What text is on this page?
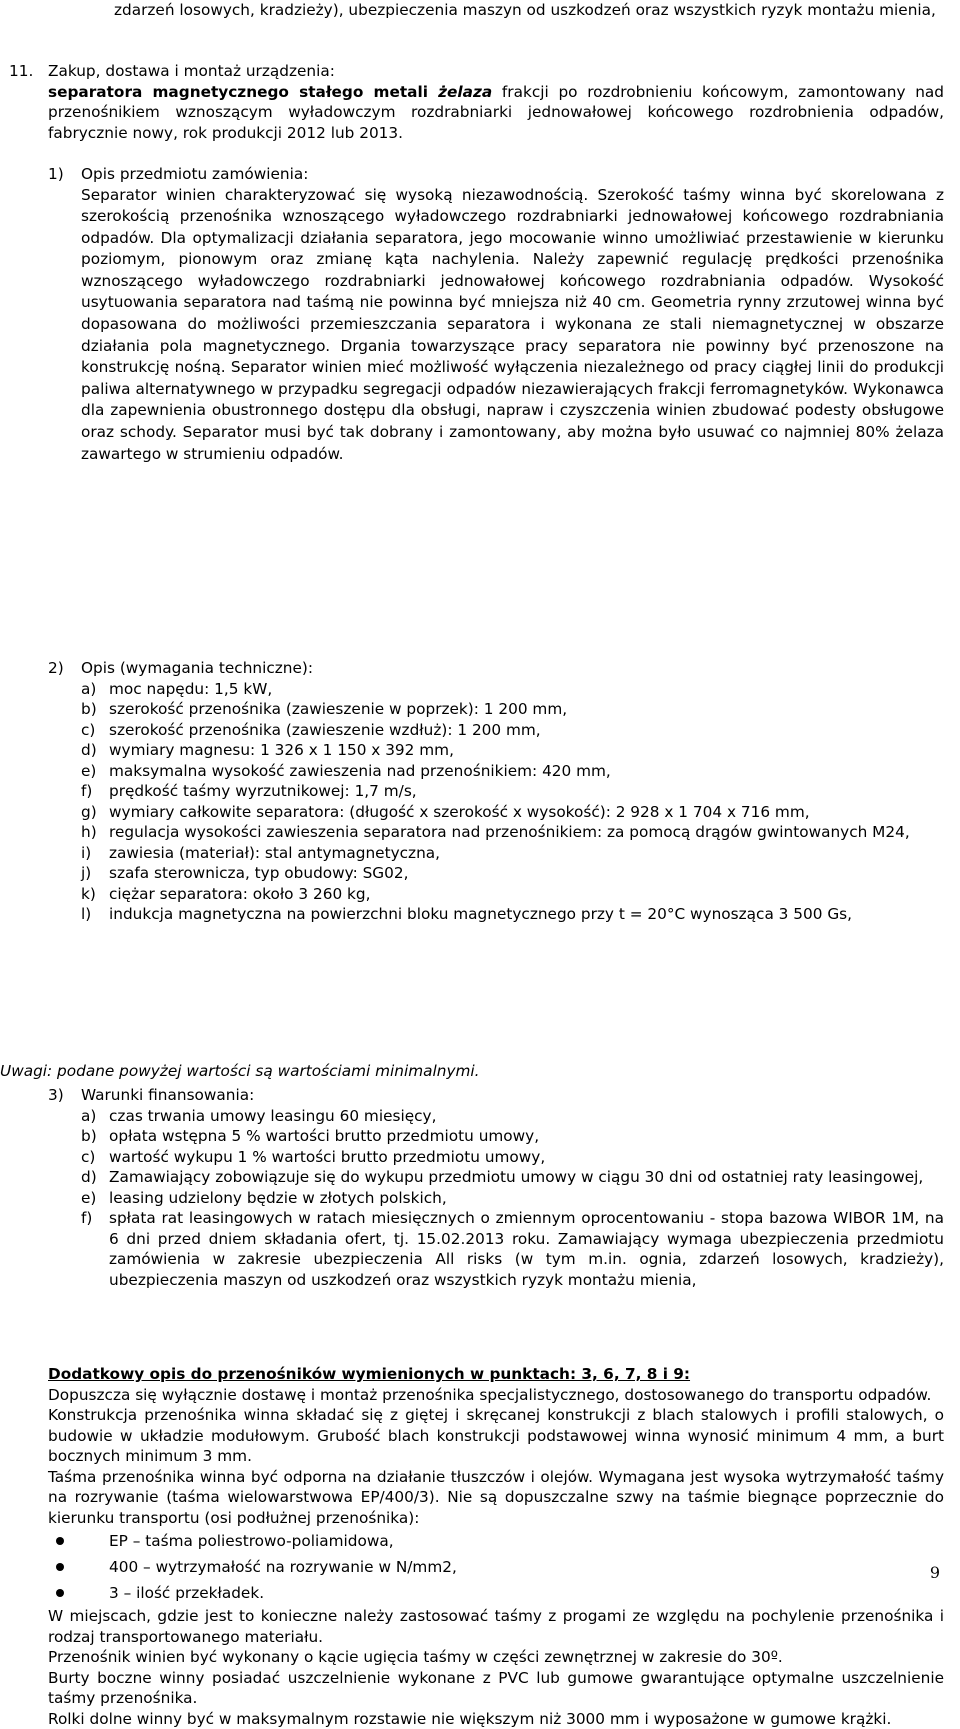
zdarzeń losowych, kradzieży), ubezpieczenia maszyn od uszkodzeń oraz wszystkich ryzyk montażu mienia,

11. Zakup, dostawa i montaż urządzenia:

separatora magnetycznego stałego metali żelaza frakcji po rozdrobnieniu końcowym, zamontowany nad przenośnikiem wznoszącym wyładowczym rozdrabniarki jednowałowej końcowego rozdrobnienia odpadów, fabrycznie nowy, rok produkcji 2012 lub 2013.

1) Opis przedmiotu zamówienia:

Separator winien charakteryzować się wysoką niezawodnością. Szerokość taśmy winna być skorelowana z szerokością przenośnika wznoszącego wyładowczego rozdrabniarki jednowałowej końcowego rozdrabniania odpadów. Dla optymalizacji działania separatora, jego mocowanie winno umożliwiać przestawienie w kierunku poziomym, pionowym oraz zmianę kąta nachylenia. Należy zapewnić regulację prędkości przenośnika wznoszącego wyładowczego rozdrabniarki jednowałowej końcowego rozdrabniania odpadów. Wysokość usytuowania separatora nad taśmą nie powinna być mniejsza niż 40 cm. Geometria rynny zrzutowej winna być dopasowana do możliwości przemieszczania separatora i wykonana ze stali niemagnetycznej w obszarze działania pola magnetycznego. Drgania towarzyszące pracy separatora nie powinny być przenoszone na konstrukcję nośną. Separator winien mieć możliwość wyłączenia niezależnego od pracy ciągłej linii do produkcji paliwa alternatywnego w przypadku segregacji odpadów niezawierających frakcji ferromagnetyków. Wykonawca dla zapewnienia obustronnego dostępu dla obsługi, napraw i czyszczenia winien zbudować podesty obsługowe oraz schody. Separator musi być tak dobrany i zamontowany, aby można było usuwać co najmniej 80% żelaza zawartego w strumieniu odpadów.

2) Opis (wymagania techniczne):
a) moc napędu: 1,5 kW,

b) szerokość przenośnika (zawieszenie w poprzek): 1 200 mm,

c) szerokość przenośnika (zawieszenie wzdłuż): 1 200 mm,

d) wymiary magnesu: 1 326 x 1 150 x 392 mm,

e) maksymalna wysokość zawieszenia nad przenośnikiem: 420 mm,

f) prędkość taśmy wyrzutnikowej: 1,7 m/s,

g) wymiary całkowite separatora: (długość x szerokość x wysokość): 2 928 x 1 704 x 716 mm,

h) regulacja wysokości zawieszenia separatora nad przenośnikiem: za pomocą drągów gwintowanych M24,

i) zawiesia (materiał): stal antymagnetyczna,

j) szafa sterownicza, typ obudowy: SG02,

k) ciężar separatora: około 3 260 kg,

l) indukcja magnetyczna na powierzchni bloku magnetycznego przy t = 20°C wynosząca 3 500 Gs,

Uwagi: podane powyżej wartości są wartościami minimalnymi.

3) Warunki finansowania:
a) czas trwania umowy leasingu 60 miesięcy,

b) opłata wstępna 5 % wartości brutto przedmiotu umowy,

c) wartość wykupu 1 % wartości brutto przedmiotu umowy,

d) Zamawiający zobowiązuje się do wykupu przedmiotu umowy w ciągu 30 dni od ostatniej raty leasingowej,

e) leasing udzielony będzie w złotych polskich,

f) spłata rat leasingowych w ratach miesięcznych o zmiennym oprocentowaniu - stopa bazowa WIBOR 1M, na 6 dni przed dniem składania ofert, tj. 15.02.2013 roku. Zamawiający wymaga ubezpieczenia przedmiotu zamówienia w zakresie ubezpieczenia All risks (w tym m.in. ognia, zdarzeń losowych, kradzieży), ubezpieczenia maszyn od uszkodzeń oraz wszystkich ryzyk montażu mienia,

Dodatkowy opis do przenośników wymienionych w punktach: 3, 6, 7, 8 i 9:

Dopuszcza się wyłącznie dostawę i montaż przenośnika specjalistycznego, dostosowanego do transportu odpadów.

Konstrukcja przenośnika winna składać się z giętej i skręcanej konstrukcji z blach stalowych i profili stalowych, o budowie w układzie modułowym. Grubość blach konstrukcji podstawowej winna wynosić minimum 4 mm, a burt bocznych minimum 3 mm.

Taśma przenośnika winna być odporna na działanie tłuszczów i olejów. Wymagana jest wysoka wytrzymałość taśmy na rozrywanie (taśma wielowarstwowa EP/400/3). Nie są dopuszczalne szwy na taśmie biegnące poprzecznie do kierunku transportu (osi podłużnej przenośnika):

EP – taśma poliestrowo-poliamidowa,
400 – wytrzymałość na rozrywanie w N/mm2,
3 – ilość przekładek.

W miejscach, gdzie jest to konieczne należy zastosować taśmy z progami ze względu na pochylenie przenośnika i rodzaj transportowanego materiału.

Przenośnik winien być wykonany o kącie ugięcia taśmy w części zewnętrznej w zakresie do 30º.

Burty boczne winny posiadać uszczelnienie wykonane z PVC lub gumowe gwarantujące optymalne uszczelnienie taśmy przenośnika.

Rolki dolne winny być w maksymalnym rozstawie nie większym niż 3000 mm i wyposażone w gumowe krążki.

9
